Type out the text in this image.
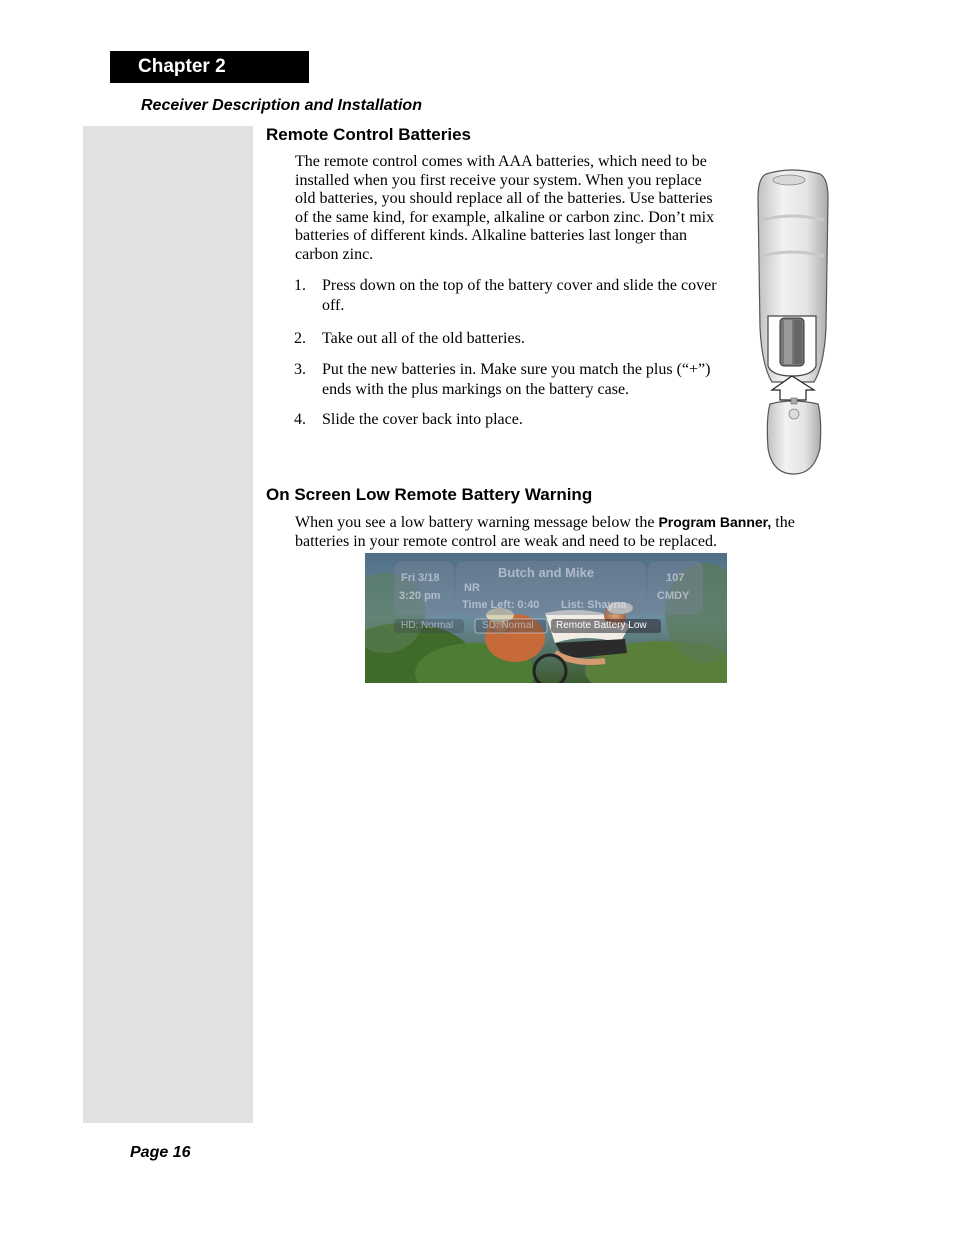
Chapter 2
Receiver Description and Installation
Remote Control Batteries
The remote control comes with AAA batteries, which need to be
installed when you first receive your system. When you replace
old batteries, you should replace all of the batteries. Use batteries
of the same kind, for example, alkaline or carbon zinc. Don’t mix
batteries of different kinds. Alkaline batteries last longer than
carbon zinc.
1. Press down on the top of the battery cover and slide the cover
off.
2. Take out all of the old batteries.
3. Put the new batteries in. Make sure you match the plus (“+”)
ends with the plus markings on the battery case.
4. Slide the cover back into place.
On Screen Low Remote Battery Warning
When you see a low battery warning message below the Program Banner, the
batteries in your remote control are weak and need to be replaced.
Fri 3/18
3:20 pm
Butch and Mike
NR
Time Left: 0:40 List: Shayna
107
CMDY
HD: Normal	SD: Normal Remote Battery Low
Page 16
